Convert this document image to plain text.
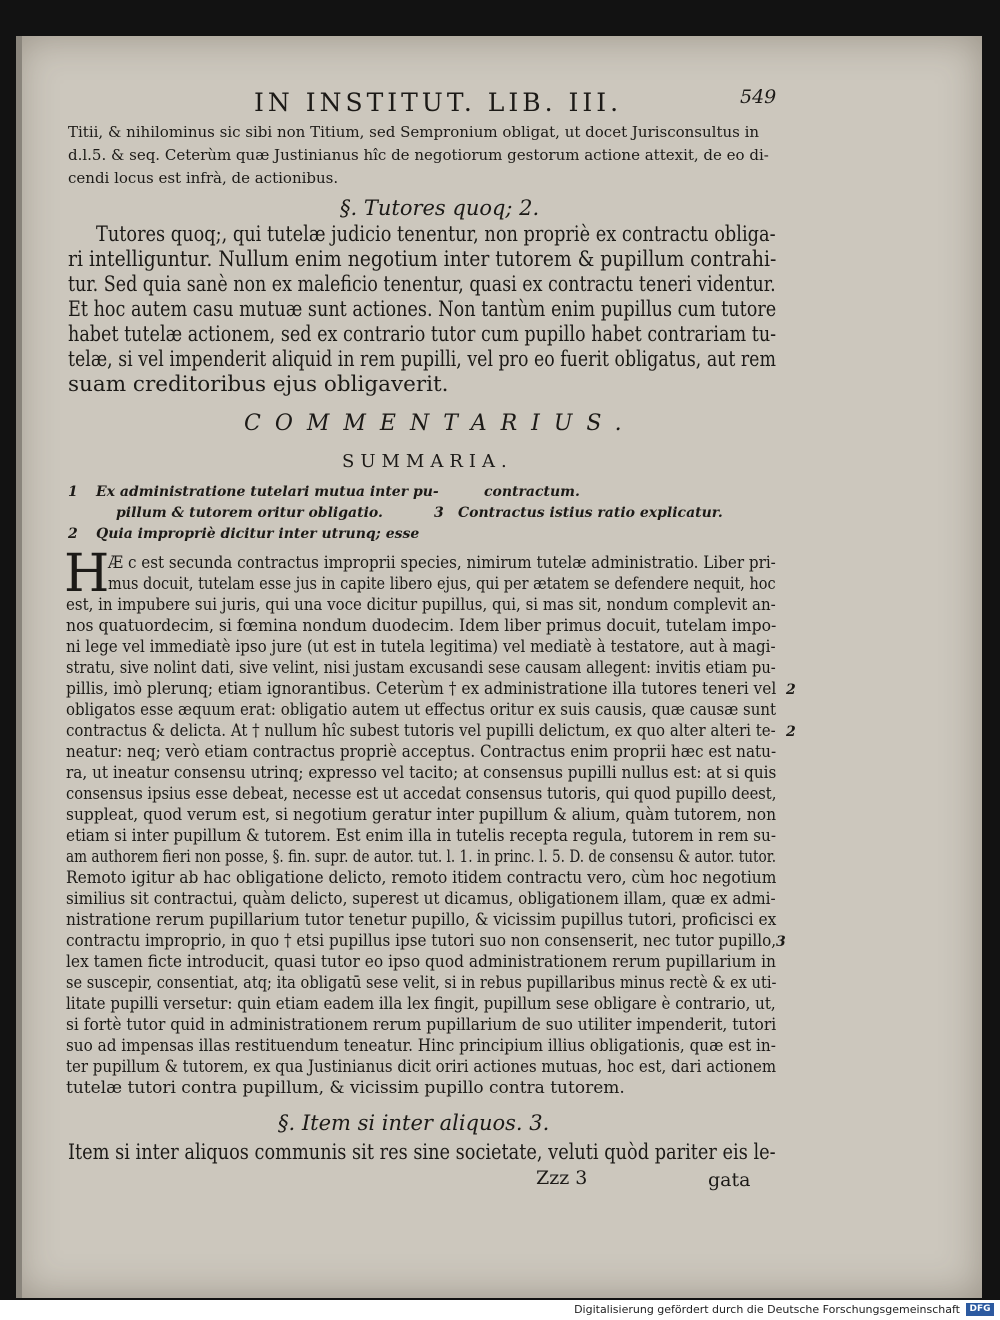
IN INSTITUT. LIB. III.	549
Titii, & nihilominus sic sibi non Titium, sed Sempronium obligat, ut docet Jurisconsultus in
d.l.5. & seq. Ceterùm quæ Justinianus hîc de negotiorum gestorum actione attexit, de eo di-
cendi locus est infrà, de actionibus.
§. Tutores quoq; 2.
Tutores quoq;, qui tutelæ judicio tenentur, non propriè ex contractu obliga-
ri intelliguntur. Nullum enim negotium inter tutorem & pupillum contrahi-
tur. Sed quia sanè non ex maleficio tenentur, quasi ex contractu teneri videntur.
Et hoc autem casu mutuæ sunt actiones. Non tantùm enim pupillus cum tutore
habet tutelæ actionem, sed ex contrario tutor cum pupillo habet contrariam tu-
telæ, si vel impenderit aliquid in rem pupilli, vel pro eo fuerit obligatus, aut rem
suam creditoribus ejus obligaverit.
COMMENTARIUS.
SUMMARIA.
1 Ex administratione tutelari mutua inter pu-
pillum & tutorem oritur obligatio.
2 Quia impropriè dicitur inter utrunq; esse
contractum.
3 Contractus istius ratio explicatur.
H
Æ c est secunda contractus improprii species, nimirum tutelæ administratio. Liber pri-
mus docuit, tutelam esse jus in capite libero ejus, qui per ætatem se defendere nequit, hoc
est, in impubere sui juris, qui una voce dicitur pupillus, qui, si mas sit, nondum complevit an-
nos quatuordecim, si fœmina nondum duodecim. Idem liber primus docuit, tutelam impo-
ni lege vel immediatè ipso jure (ut est in tutela legitima) vel mediatè à testatore, aut à magi-
stratu, sive nolint dati, sive velint, nisi justam excusandi sese causam allegent: invitis etiam pu-
pillis, imò plerunq; etiam ignorantibus. Ceterùm † ex administratione illa tutores teneri vel
obligatos esse æquum erat: obligatio autem ut effectus oritur ex suis causis, quæ causæ sunt
contractus & delicta. At † nullum hîc subest tutoris vel pupilli delictum, ex quo alter alteri te-
neatur: neq; verò etiam contractus propriè acceptus. Contractus enim proprii hæc est natu-
ra, ut ineatur consensu utrinq; expresso vel tacito; at consensus pupilli nullus est: at si quis
consensus ipsius esse debeat, necesse est ut accedat consensus tutoris, qui quod pupillo deest,
suppleat, quod verum est, si negotium geratur inter pupillum & alium, quàm tutorem, non
etiam si inter pupillum & tutorem. Est enim illa in tutelis recepta regula, tutorem in rem su-
am authorem fieri non posse, §. fin. supr. de autor. tut. l. 1. in princ. l. 5. D. de consensu & autor. tutor.
Remoto igitur ab hac obligatione delicto, remoto itidem contractu vero, cùm hoc negotium
similius sit contractui, quàm delicto, superest ut dicamus, obligationem illam, quæ ex admi-
nistratione rerum pupillarium tutor tenetur pupillo, & vicissim pupillus tutori, proficisci ex
contractu improprio, in quo † etsi pupillus ipse tutori suo non consenserit, nec tutor pupillo,
lex tamen ficte introducit, quasi tutor eo ipso quod administrationem rerum pupillarium in
se suscepir, consentiat, atq; ita obligatū sese velit, si in rebus pupillaribus minus rectè & ex uti-
litate pupilli versetur: quin etiam eadem illa lex fingit, pupillum sese obligare è contrario, ut,
si fortè tutor quid in administrationem rerum pupillarium de suo utiliter impenderit, tutori
suo ad impensas illas restituendum teneatur. Hinc principium illius obligationis, quæ est in-
ter pupillum & tutorem, ex qua Justinianus dicit oriri actiones mutuas, hoc est, dari actionem
tutelæ tutori contra pupillum, & vicissim pupillo contra tutorem.
2
2
3
§. Item si inter aliquos. 3.
Item si inter aliquos communis sit res sine societate, veluti quòd pariter eis le-
Zzz 3	gata
Digitalisierung gefördert durch die Deutsche Forschungsgemeinschaft	DFG
